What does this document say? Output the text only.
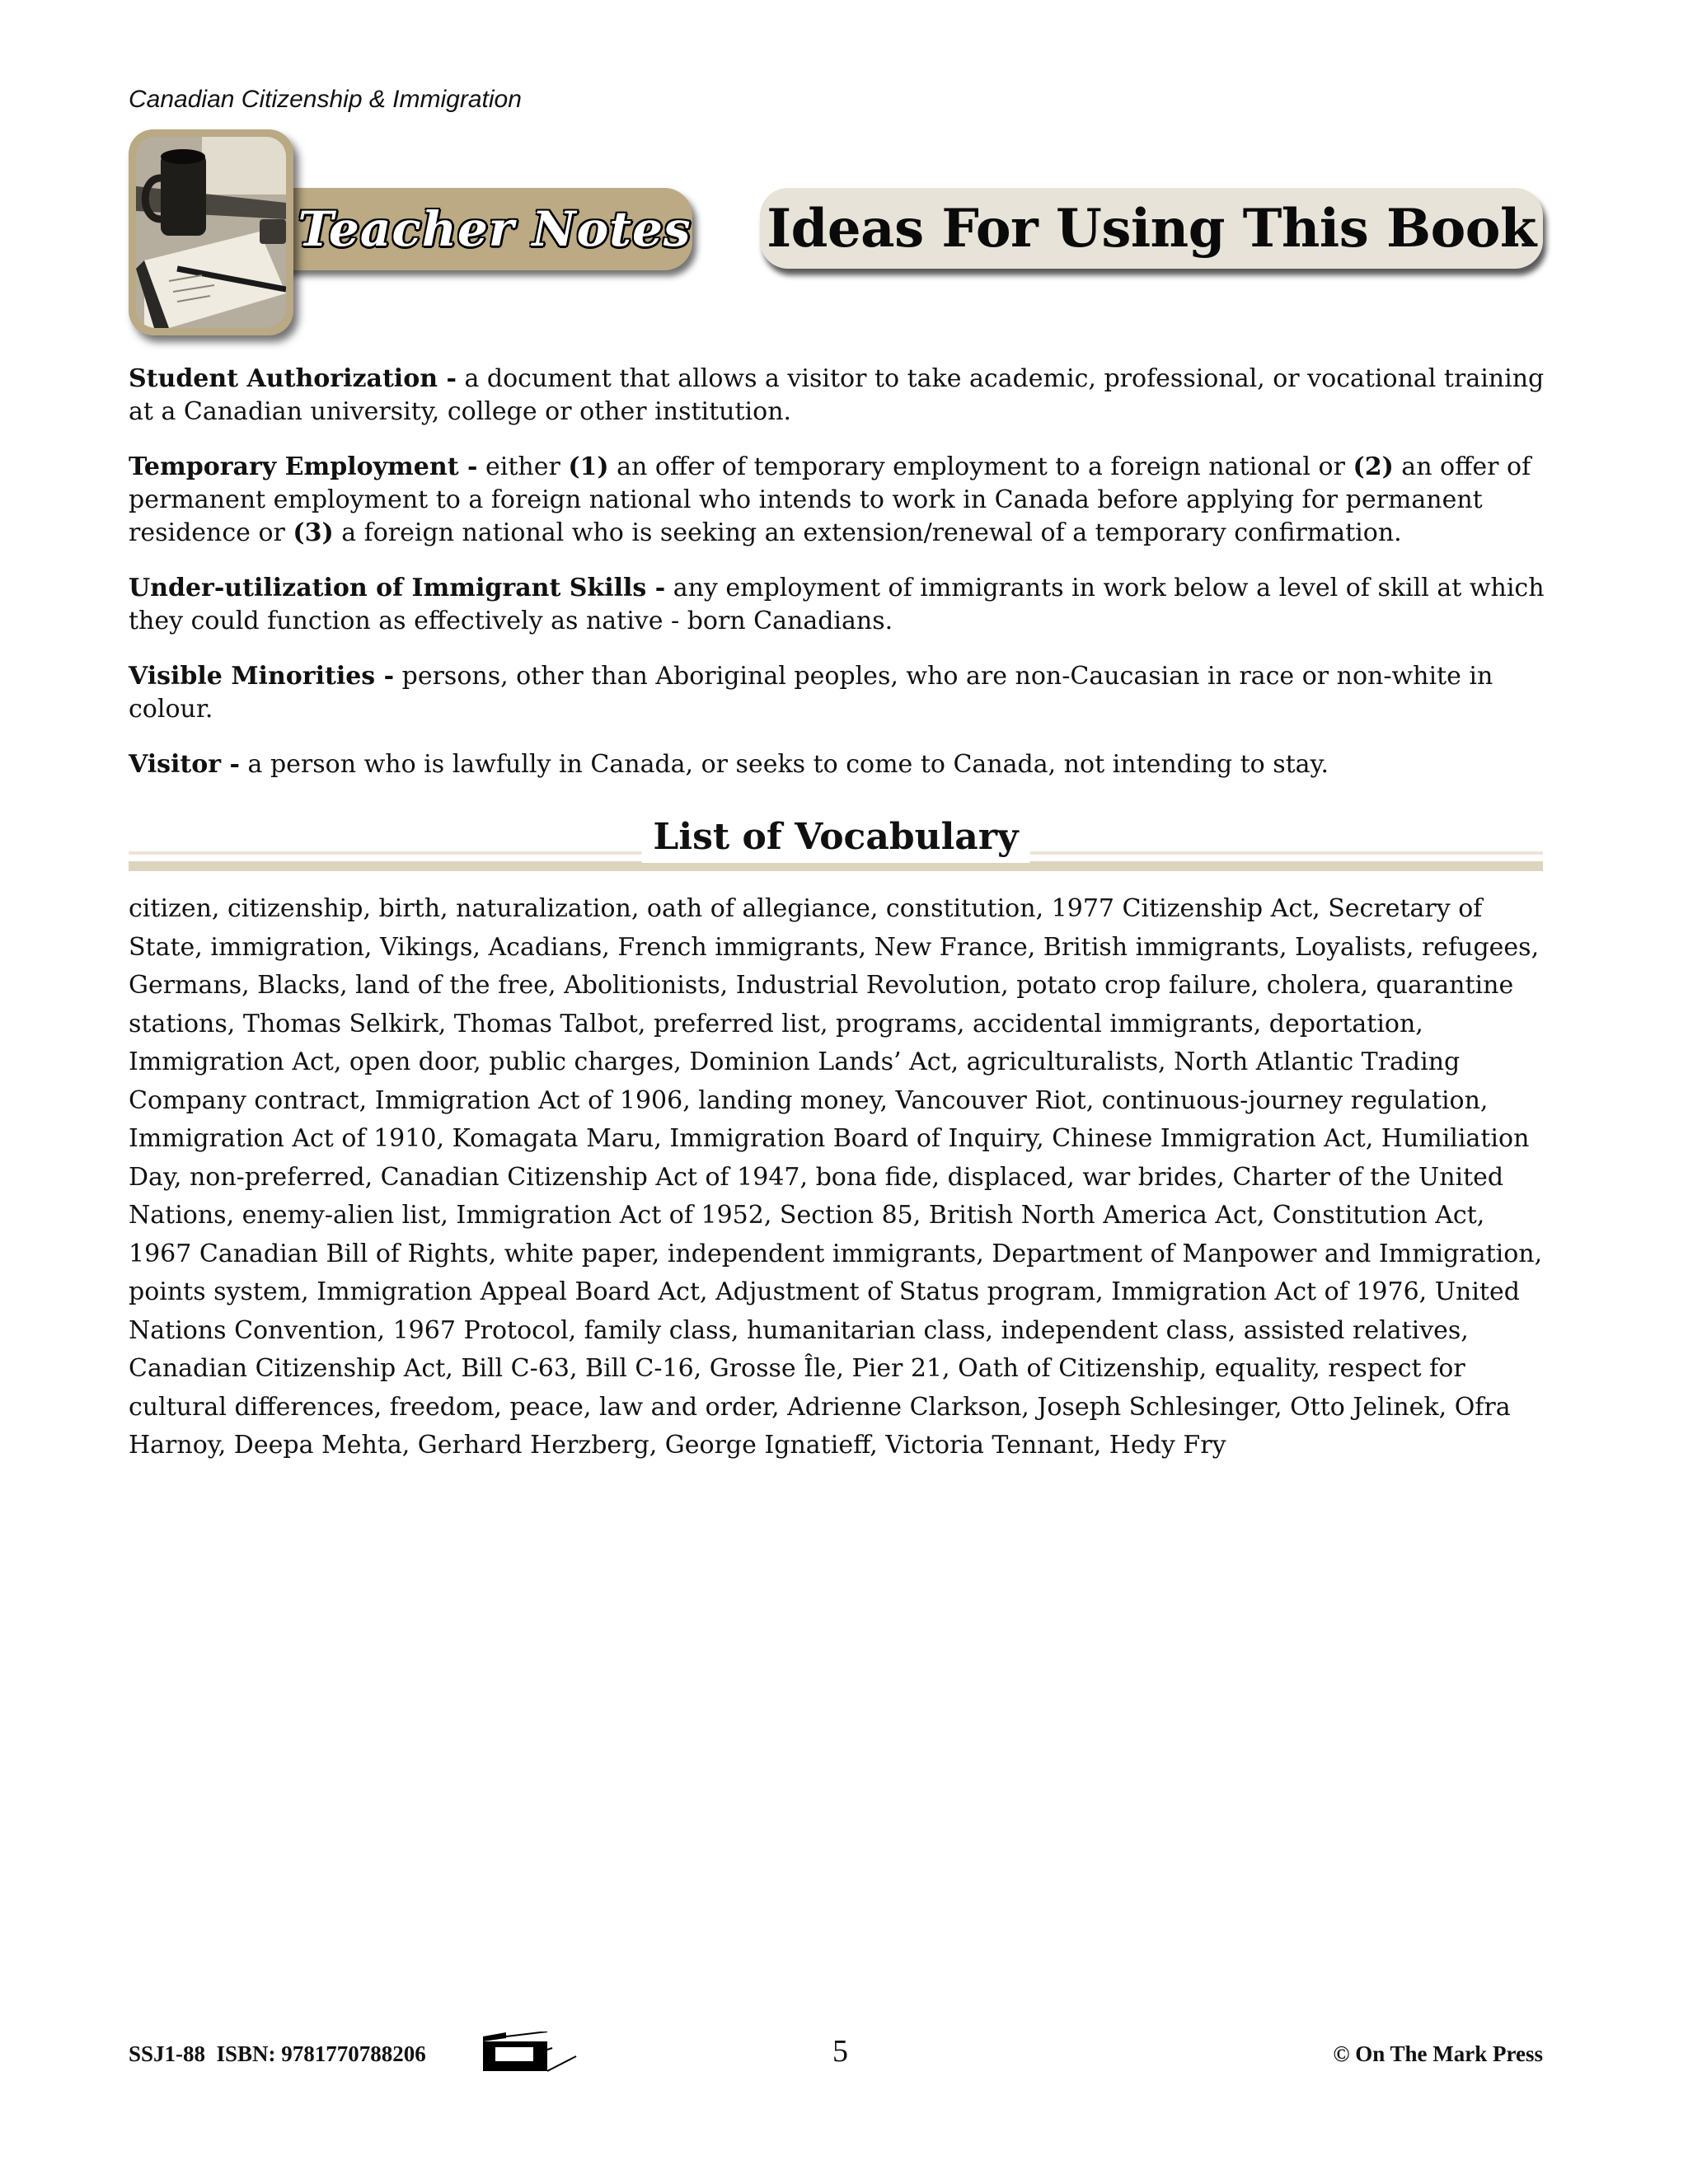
Canadian Citizenship & Immigration
Teacher Notes Ideas For Using This Book

Student Authorization - a document that allows a visitor to take academic, professional, or vocational training at a Canadian university, college or other institution.

Temporary Employment - either (1) an offer of temporary employment to a foreign national or (2) an offer of permanent employment to a foreign national who intends to work in Canada before applying for permanent residence or (3) a foreign national who is seeking an extension/renewal of a temporary confirmation.

Under-utilization of Immigrant Skills - any employment of immigrants in work below a level of skill at which they could function as effectively as native - born Canadians.

Visible Minorities - persons, other than Aboriginal peoples, who are non-Caucasian in race or non-white in colour.

Visitor - a person who is lawfully in Canada, or seeks to come to Canada, not intending to stay.

List of Vocabulary

citizen, citizenship, birth, naturalization, oath of allegiance, constitution, 1977 Citizenship Act, Secretary of State, immigration, Vikings, Acadians, French immigrants, New France, British immigrants, Loyalists, refugees, Germans, Blacks, land of the free, Abolitionists, Industrial Revolution, potato crop failure, cholera, quarantine stations, Thomas Selkirk, Thomas Talbot, preferred list, programs, accidental immigrants, deportation, Immigration Act, open door, public charges, Dominion Lands’ Act, agriculturalists, North Atlantic Trading Company contract, Immigration Act of 1906, landing money, Vancouver Riot, continuous-journey regulation, Immigration Act of 1910, Komagata Maru, Immigration Board of Inquiry, Chinese Immigration Act, Humiliation Day, non-preferred, Canadian Citizenship Act of 1947, bona fide, displaced, war brides, Charter of the United Nations, enemy-alien list, Immigration Act of 1952, Section 85, British North America Act, Constitution Act, 1967 Canadian Bill of Rights, white paper, independent immigrants, Department of Manpower and Immigration, points system, Immigration Appeal Board Act, Adjustment of Status program, Immigration Act of 1976, United Nations Convention, 1967 Protocol, family class, humanitarian class, independent class, assisted relatives, Canadian Citizenship Act, Bill C-63, Bill C-16, Grosse Île, Pier 21, Oath of Citizenship, equality, respect for cultural differences, freedom, peace, law and order, Adrienne Clarkson, Joseph Schlesinger, Otto Jelinek, Ofra Harnoy, Deepa Mehta, Gerhard Herzberg, George Ignatieff, Victoria Tennant, Hedy Fry

SSJ1-88  ISBN: 9781770788206	5	© On The Mark Press
